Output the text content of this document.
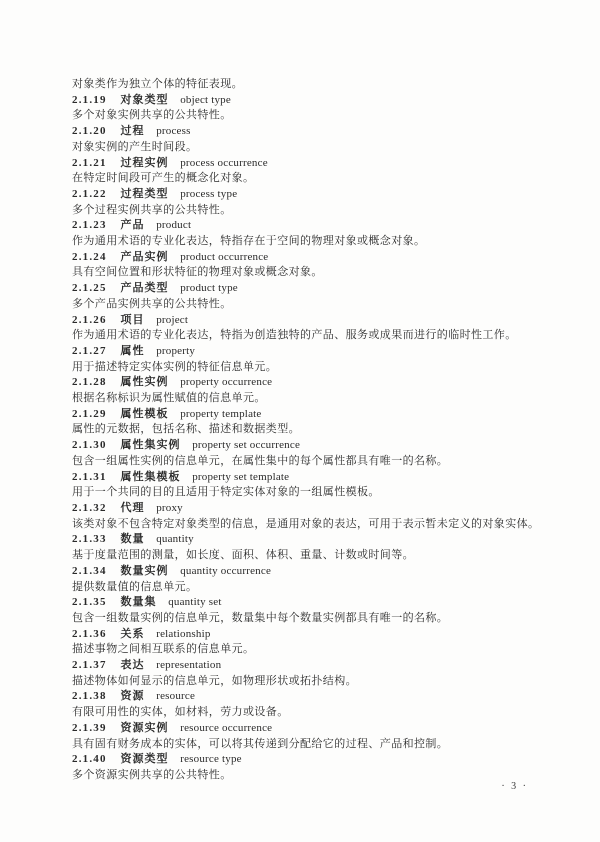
对象类作为独立个体的特征表现。

2.1.19 对象类型 object type

多个对象实例共享的公共特性。

2.1.20 过程 process

对象实例的产生时间段。

2.1.21 过程实例 process occurrence

在特定时间段可产生的概念化对象。

2.1.22 过程类型 process type

多个过程实例共享的公共特性。

2.1.23 产品 product

作为通用术语的专业化表达，特指存在于空间的物理对象或概念对象。

2.1.24 产品实例 product occurrence

具有空间位置和形状特征的物理对象或概念对象。

2.1.25 产品类型 product type

多个产品实例共享的公共特性。

2.1.26 项目 project

作为通用术语的专业化表达，特指为创造独特的产品、服务或成果而进行的临时性工作。

2.1.27 属性 property

用于描述特定实体实例的特征信息单元。

2.1.28 属性实例 property occurrence

根据名称标识为属性赋值的信息单元。

2.1.29 属性模板 property template

属性的元数据，包括名称、描述和数据类型。

2.1.30 属性集实例 property set occurrence

包含一组属性实例的信息单元，在属性集中的每个属性都具有唯一的名称。

2.1.31 属性集模板 property set template

用于一个共同的目的且适用于特定实体对象的一组属性模板。

2.1.32 代理 proxy

该类对象不包含特定对象类型的信息，是通用对象的表达，可用于表示暂未定义的对象实体。

2.1.33 数量 quantity

基于度量范围的测量，如长度、面积、体积、重量、计数或时间等。

2.1.34 数量实例 quantity occurrence

提供数量值的信息单元。

2.1.35 数量集 quantity set

包含一组数量实例的信息单元，数量集中每个数量实例都具有唯一的名称。

2.1.36 关系 relationship

描述事物之间相互联系的信息单元。

2.1.37 表达 representation

描述物体如何显示的信息单元，如物理形状或拓扑结构。

2.1.38 资源 resource

有限可用性的实体，如材料，劳力或设备。

2.1.39 资源实例 resource occurrence

具有固有财务成本的实体，可以将其传递到分配给它的过程、产品和控制。

2.1.40 资源类型 resource type

多个资源实例共享的公共特性。

· 3 ·
